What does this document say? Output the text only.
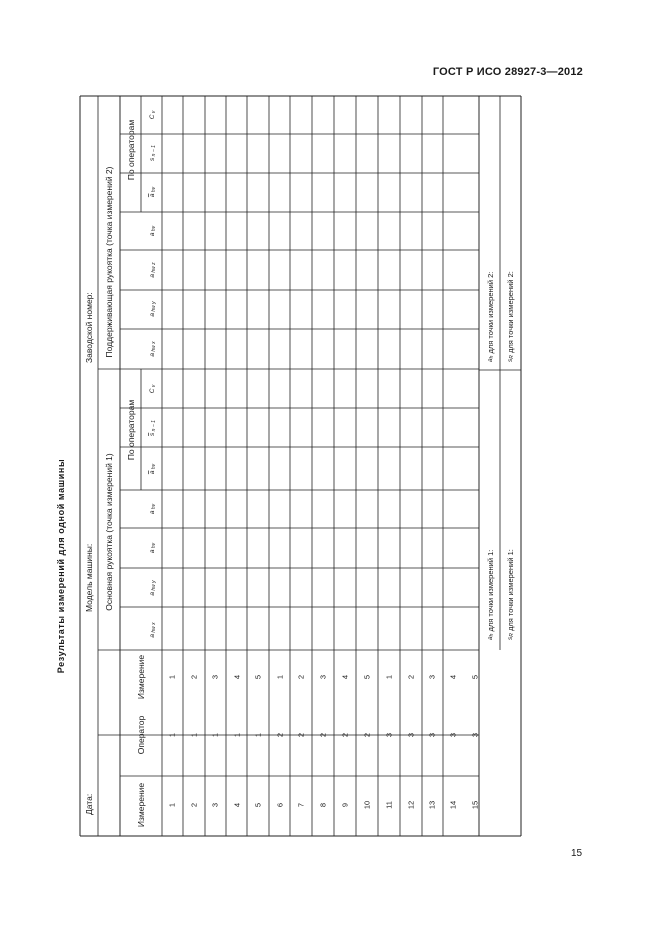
ГОСТ Р ИСО 28927-3—2012
Результаты измерений для одной машины
15
Дата:
Модель машины:
Заводской номер:
Измерение
Оператор
Измерение
Основная рукоятка (точка измерений 1)
Поддерживающая рукоятка (точка измерений 2)
По операторам
По операторам
a $_{hw x}$
a $_{hw y}$
a $_{hv}$
a $_{hv}$
a $_{hv}$
s $_{n - 1}$
C $_v$
a $_{hw x}$
a $_{hw y}$
a $_{hw z}$
a $_{hv}$
a $_{hv}$
s $_{n - 1}$
C $_v$
1
1
1
2
1
2
3
1
3
4
1
4
5
1
5
6
2
1
7
2
2
8
2
3
9
2
4
10
2
5
11
3
1
12
3
2
13
3
3
14
3
4
15
3
5
$a_h$ для точки измерений 1:
$s_R$ для точки измерений 1:
$a_h$ для точки измерений 2:
$s_R$ для точки измерений 2:
